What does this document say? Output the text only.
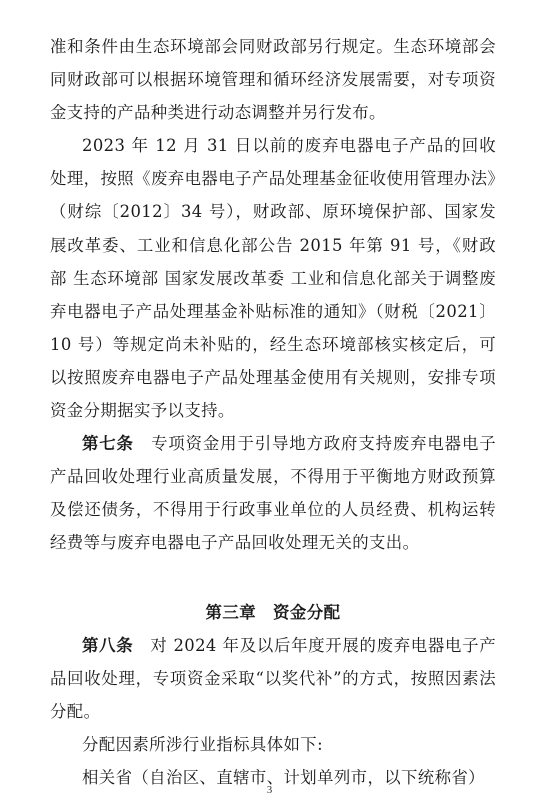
准和条件由生态环境部会同财政部另行规定。生态环境部会同财政部可以根据环境管理和循环经济发展需要，对专项资金支持的产品种类进行动态调整并另行发布。

2023 年 12 月 31 日以前的废弃电器电子产品的回收处理，按照《废弃电器电子产品处理基金征收使用管理办法》（财综〔2012〕34 号），财政部、原环境保护部、国家发展改革委、工业和信息化部公告 2015 年第 91 号，《财政部 生态环境部 国家发展改革委 工业和信息化部关于调整废弃电器电子产品处理基金补贴标准的通知》（财税〔2021〕10 号）等规定尚未补贴的，经生态环境部核实核定后，可以按照废弃电器电子产品处理基金使用有关规则，安排专项资金分期据实予以支持。

第七条　 专项资金用于引导地方政府支持废弃电器电子产品回收处理行业高质量发展，不得用于平衡地方财政预算及偿还债务，不得用于行政事业单位的人员经费、机构运转经费等与废弃电器电子产品回收处理无关的支出。

第三章　资金分配

第八条　 对 2024 年及以后年度开展的废弃电器电子产品回收处理，专项资金采取“以奖代补”的方式，按照因素法分配。

分配因素所涉行业指标具体如下:

相关省（自治区、直辖市、计划单列市，以下统称省）

3
